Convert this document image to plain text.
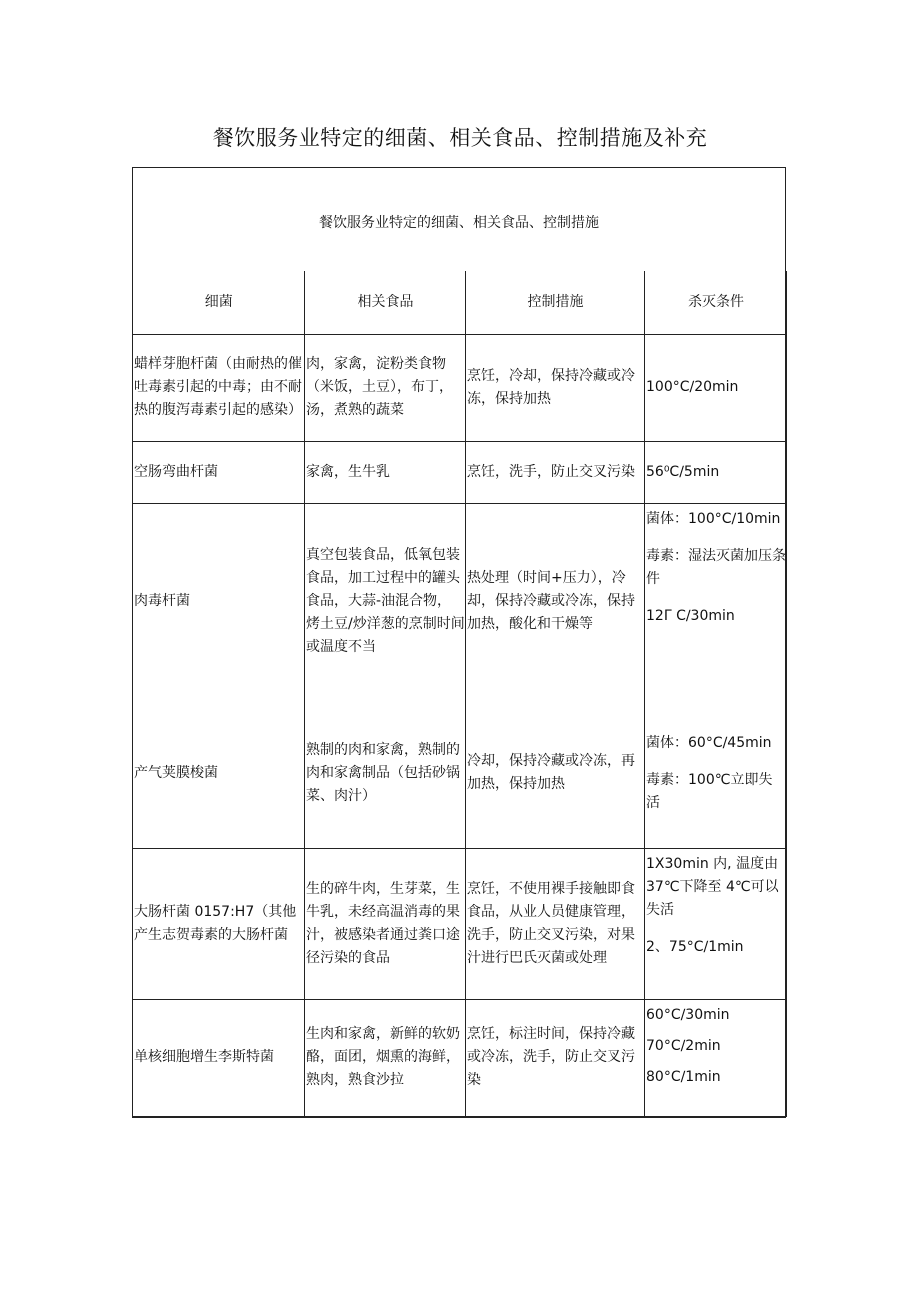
餐饮服务业特定的细菌、相关食品、控制措施及补充
餐饮服务业特定的细菌、相关食品、控制措施
细菌	相关食品	控制措施	杀灭条件
蜡样芽胞杆菌（由耐热的催吐毒素引起的中毒；由不耐热的腹泻毒素引起的感染）	肉，家禽，淀粉类食物（米饭，土豆），布丁，汤，煮熟的蔬菜	烹饪，冷却，保持冷藏或冷冻，保持加热	100°C∕20min

空肠弯曲杆菌	家禽，生牛乳	烹饪，洗手，防止交叉污染	56⁰C∕5min

肉毒杆菌	真空包装食品，低氧包装食品，加工过程中的罐头食品，大蒜-油混合物，烤土豆/炒洋葱的烹制时间或温度不当	热处理（时间+压力），冷却，保持冷藏或冷冻，保持加热，酸化和干燥等	菌体：100°C∕10min
毒素：湿法灭菌加压条件
12Γ C∕30min

产气荚膜梭菌	熟制的肉和家禽，熟制的肉和家禽制品（包括砂锅菜、肉汁）	冷却，保持冷藏或冷冻，再加热，保持加热	菌体：60°C∕45min
毒素：100℃立即失活

大肠杆菌 0157:H7（其他产生志贺毒素的大肠杆菌	生的碎牛肉，生芽菜，生牛乳，未经高温消毒的果汁，被感染者通过粪口途径污染的食品	烹饪，不使用裸手接触即食食品，从业人员健康管理，洗手，防止交叉污染，对果汁进行巴氏灭菌或处理	1X30min 内, 温度由 37℃下降至 4℃可以失活
2、75°C∕1min

单核细胞增生李斯特菌	生肉和家禽，新鲜的软奶酪，面团，烟熏的海鲜，熟肉，熟食沙拉	烹饪，标注时间，保持冷藏或冷冻，洗手，防止交叉污染	60°C∕30min
70°C∕2min
80°C∕1min
